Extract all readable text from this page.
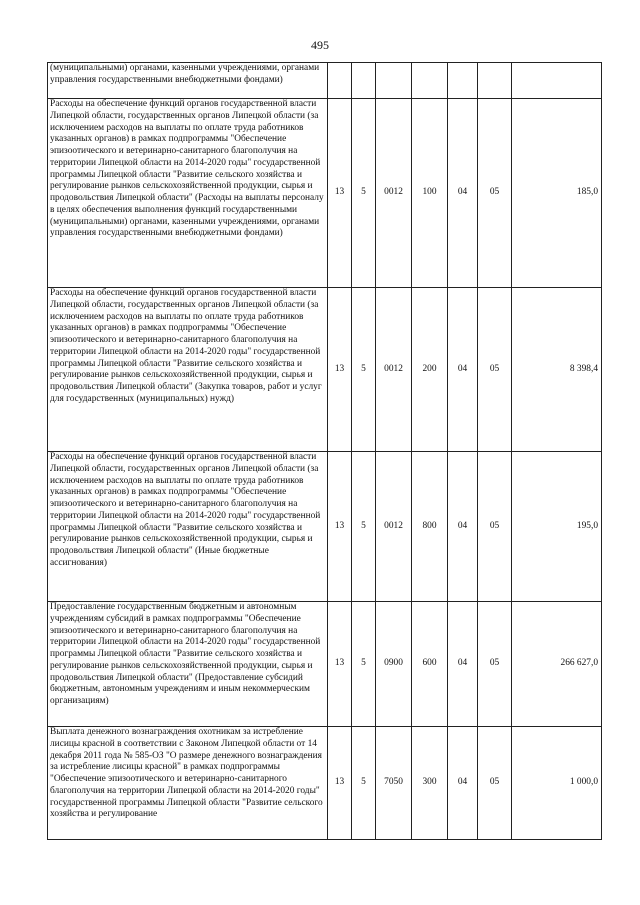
495
(муниципальными) органами, казенными учреждениями, органами управления государственными внебюджетными фондами)							
Расходы на обеспечение функций органов государственной власти Липецкой области, государственных органов Липецкой области (за исключением расходов на выплаты по оплате труда работников указанных органов) в рамках подпрограммы "Обеспечение эпизоотического и ветеринарно-санитарного благополучия на территории Липецкой области на 2014-2020 годы" государственной программы Липецкой области "Развитие сельского хозяйства и регулирование рынков сельскохозяйственной продукции, сырья и продовольствия Липецкой области" (Расходы на выплаты персоналу в целях обеспечения выполнения функций государственными (муниципальными) органами, казенными учреждениями, органами управления государственными внебюджетными фондами)	13	5	0012	100	04	05	185,0
Расходы на обеспечение функций органов государственной власти Липецкой области, государственных органов Липецкой области (за исключением расходов на выплаты по оплате труда работников указанных органов) в рамках подпрограммы "Обеспечение эпизоотического и ветеринарно-санитарного благополучия на территории Липецкой области на 2014-2020 годы" государственной программы Липецкой области "Развитие сельского хозяйства и регулирование рынков сельскохозяйственной продукции, сырья и продовольствия Липецкой области" (Закупка товаров, работ и услуг для государственных (муниципальных) нужд)	13	5	0012	200	04	05	8 398,4
Расходы на обеспечение функций органов государственной власти Липецкой области, государственных органов Липецкой области (за исключением расходов на выплаты по оплате труда работников указанных органов) в рамках подпрограммы "Обеспечение эпизоотического и ветеринарно-санитарного благополучия на территории Липецкой области на 2014-2020 годы" государственной программы Липецкой области "Развитие сельского хозяйства и регулирование рынков сельскохозяйственной продукции, сырья и продовольствия Липецкой области" (Иные бюджетные ассигнования)	13	5	0012	800	04	05	195,0
Предоставление государственным бюджетным и автономным учреждениям субсидий в рамках подпрограммы "Обеспечение эпизоотического и ветеринарно-санитарного благополучия на территории Липецкой области на 2014-2020 годы" государственной программы Липецкой области "Развитие сельского хозяйства и регулирование рынков сельскохозяйственной продукции, сырья и продовольствия Липецкой области" (Предоставление субсидий бюджетным, автономным учреждениям и иным некоммерческим организациям)	13	5	0900	600	04	05	266 627,0
Выплата денежного вознаграждения охотникам за истребление лисицы красной в соответствии с Законом Липецкой области от 14 декабря 2011 года № 585-ОЗ "О размере денежного вознаграждения за истребление лисицы красной" в рамках подпрограммы "Обеспечение эпизоотического и ветеринарно-санитарного благополучия на территории Липецкой области на 2014-2020 годы" государственной программы Липецкой области "Развитие сельского хозяйства и регулирование	13	5	7050	300	04	05	1 000,0
